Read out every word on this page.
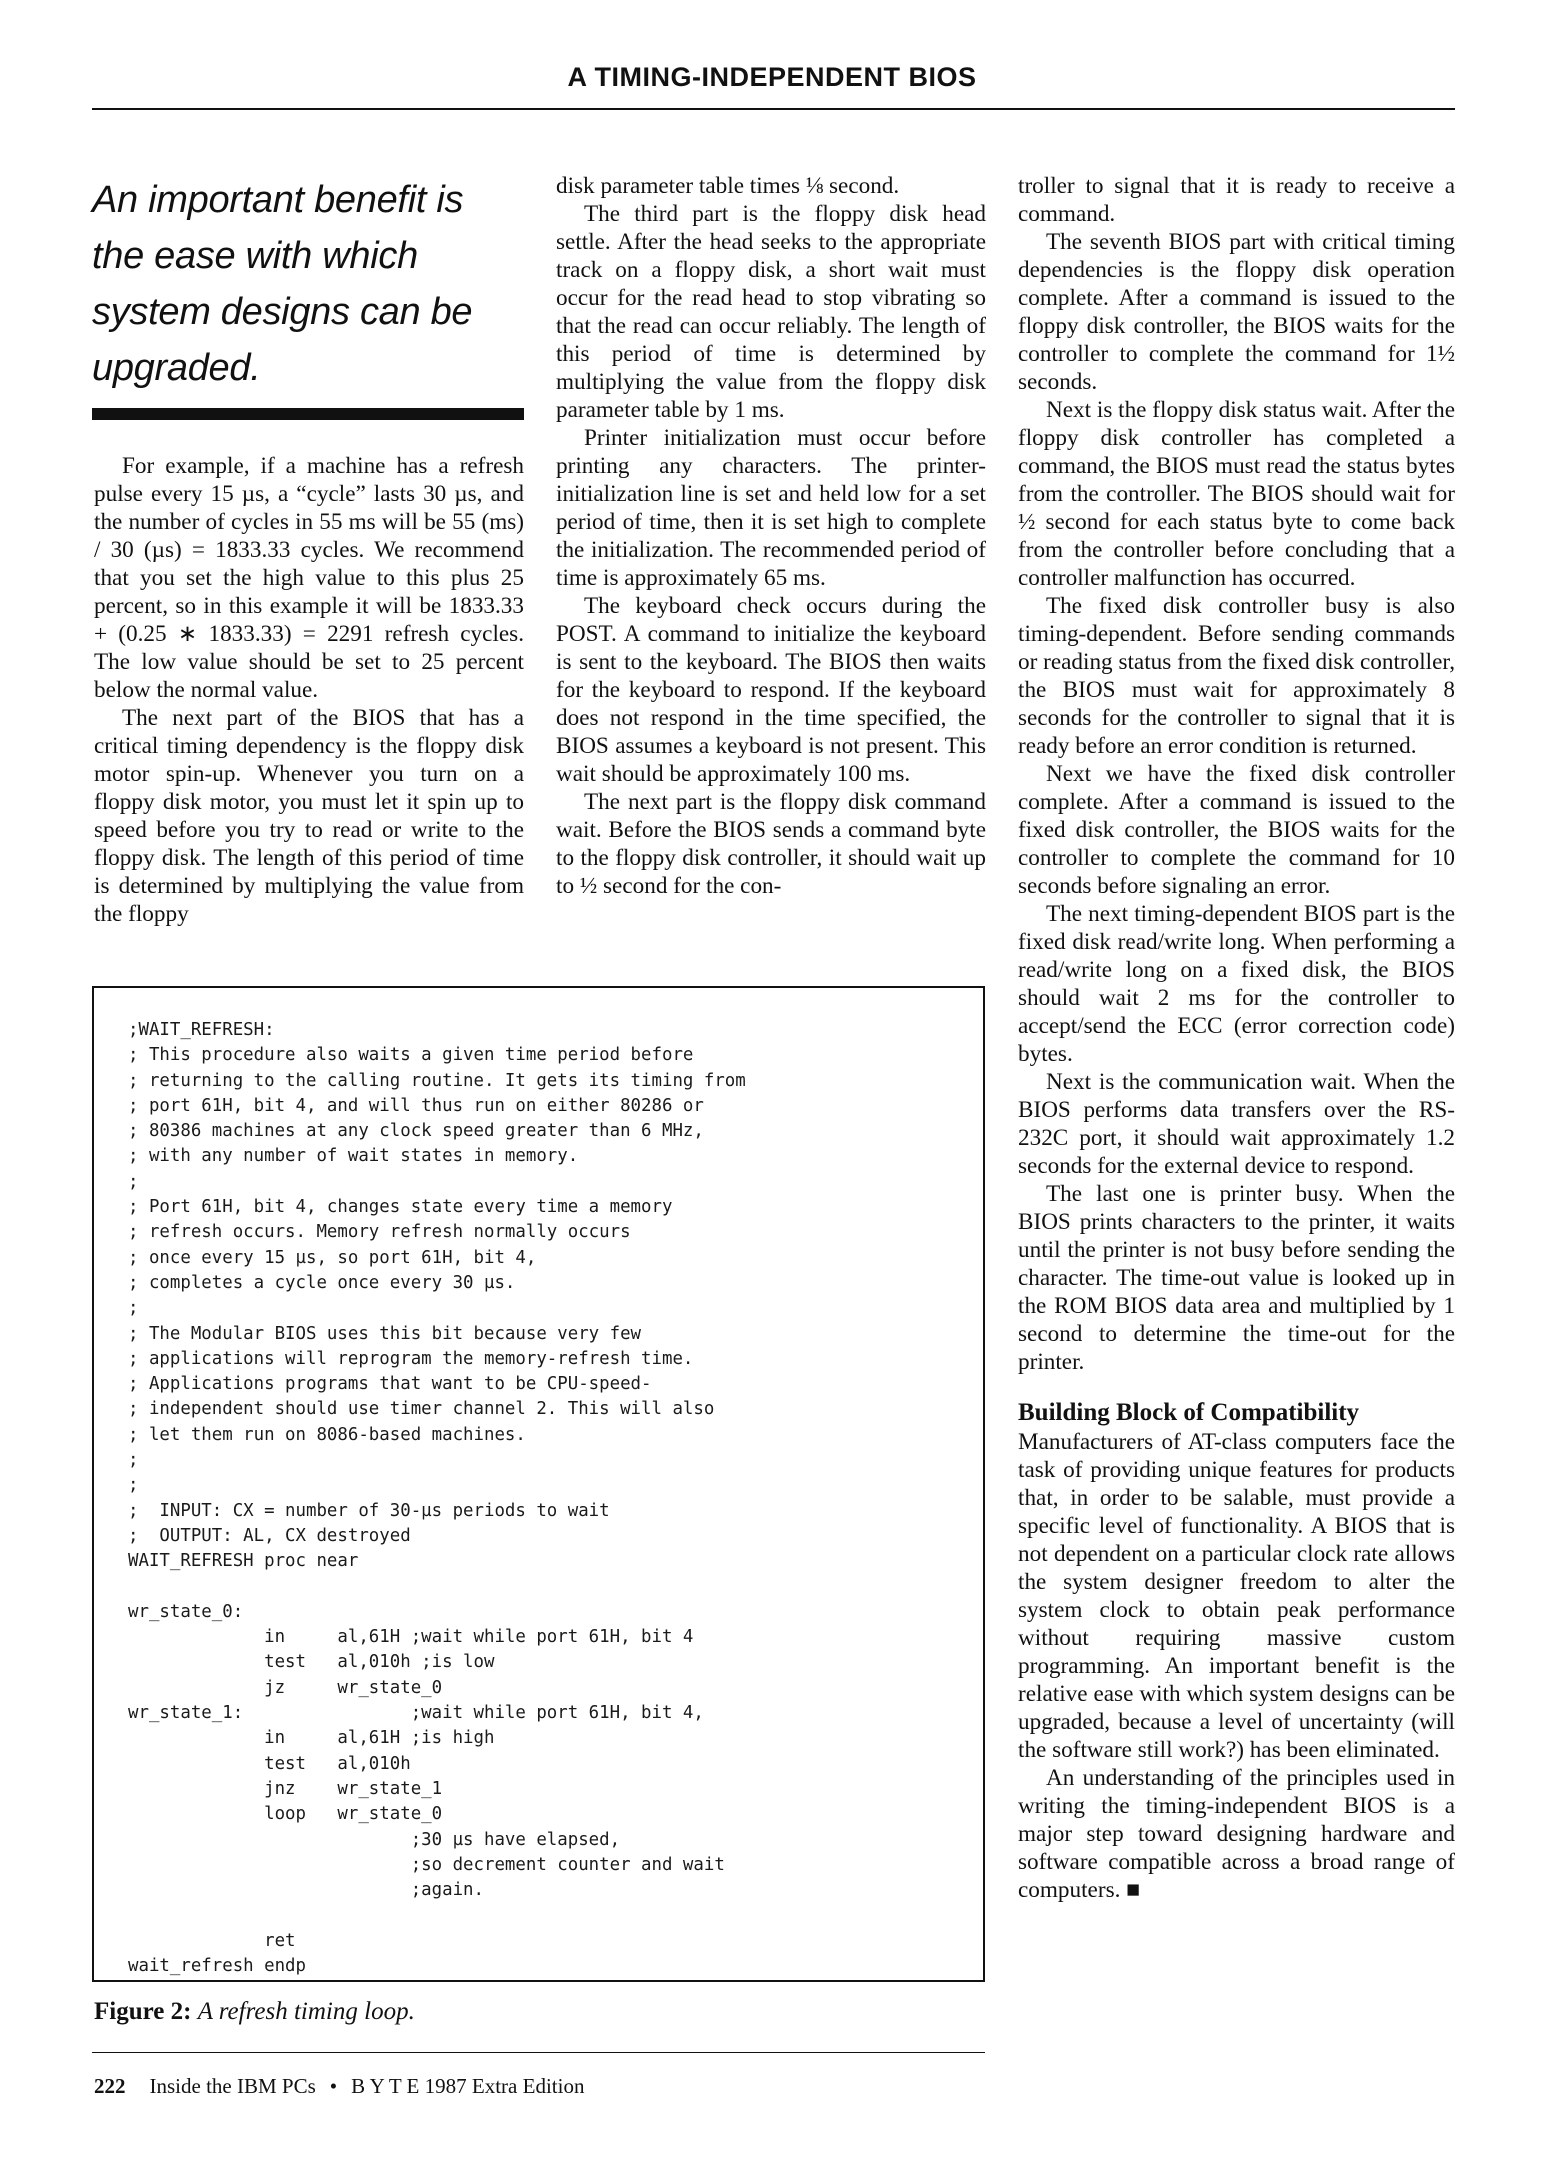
A TIMING-INDEPENDENT BIOS
An important benefit is the ease with which system designs can be upgraded.

For example, if a machine has a refresh pulse every 15 µs, a “cycle” lasts 30 µs, and the number of cycles in 55 ms will be 55 (ms) / 30 (µs) = 1833.33 cycles. We recommend that you set the high value to this plus 25 percent, so in this example it will be 1833.33 + (0.25 ∗ 1833.33) = 2291 refresh cycles. The low value should be set to 25 percent below the normal value.

The next part of the BIOS that has a critical timing dependency is the floppy disk motor spin-up. Whenever you turn on a floppy disk motor, you must let it spin up to speed before you try to read or write to the floppy disk. The length of this period of time is determined by multiplying the value from the floppy

disk parameter table times ⅛ second.

The third part is the floppy disk head settle. After the head seeks to the appropriate track on a floppy disk, a short wait must occur for the read head to stop vibrating so that the read can occur reliably. The length of this period of time is determined by multiplying the value from the floppy disk parameter table by 1 ms.

Printer initialization must occur before printing any characters. The printer-initialization line is set and held low for a set period of time, then it is set high to complete the initialization. The recommended period of time is approximately 65 ms.

The keyboard check occurs during the POST. A command to initialize the keyboard is sent to the keyboard. The BIOS then waits for the keyboard to respond. If the keyboard does not respond in the time specified, the BIOS assumes a keyboard is not present. This wait should be approximately 100 ms.

The next part is the floppy disk command wait. Before the BIOS sends a command byte to the floppy disk controller, it should wait up to ½ second for the con-

troller to signal that it is ready to receive a command.

The seventh BIOS part with critical timing dependencies is the floppy disk operation complete. After a command is issued to the floppy disk controller, the BIOS waits for the controller to complete the command for 1½ seconds.

Next is the floppy disk status wait. After the floppy disk controller has completed a command, the BIOS must read the status bytes from the controller. The BIOS should wait for ½ second for each status byte to come back from the controller before concluding that a controller malfunction has occurred.

The fixed disk controller busy is also timing-dependent. Before sending commands or reading status from the fixed disk controller, the BIOS must wait for approximately 8 seconds for the controller to signal that it is ready before an error condition is returned.

Next we have the fixed disk controller complete. After a command is issued to the fixed disk controller, the BIOS waits for the controller to complete the command for 10 seconds before signaling an error.

The next timing-dependent BIOS part is the fixed disk read/write long. When performing a read/write long on a fixed disk, the BIOS should wait 2 ms for the controller to accept/send the ECC (error correction code) bytes.

Next is the communication wait. When the BIOS performs data transfers over the RS-232C port, it should wait approximately 1.2 seconds for the external device to respond.

The last one is printer busy. When the BIOS prints characters to the printer, it waits until the printer is not busy before sending the character. The time-out value is looked up in the ROM BIOS data area and multiplied by 1 second to determine the time-out for the printer.

Building Block of Compatibility

Manufacturers of AT-class computers face the task of providing unique features for products that, in order to be salable, must provide a specific level of functionality. A BIOS that is not dependent on a particular clock rate allows the system designer freedom to alter the system clock to obtain peak performance without requiring massive custom programming. An important benefit is the relative ease with which system designs can be upgraded, because a level of uncertainty (will the software still work?) has been eliminated.

An understanding of the principles used in writing the timing-independent BIOS is a major step toward designing hardware and software compatible across a broad range of computers. ■

;WAIT_REFRESH:
; This procedure also waits a given time period before
; returning to the calling routine. It gets its timing from
; port 61H, bit 4, and will thus run on either 80286 or
; 80386 machines at any clock speed greater than 6 MHz,
; with any number of wait states in memory.
;
; Port 61H, bit 4, changes state every time a memory
; refresh occurs. Memory refresh normally occurs
; once every 15 µs, so port 61H, bit 4,
; completes a cycle once every 30 µs.
;
; The Modular BIOS uses this bit because very few
; applications will reprogram the memory-refresh time.
; Applications programs that want to be CPU-speed-
; independent should use timer channel 2. This will also
; let them run on 8086-based machines.
;
;
;  INPUT: CX = number of 30-µs periods to wait
;  OUTPUT: AL, CX destroyed
WAIT_REFRESH proc near

wr_state_0:
in     al,61H ;wait while port 61H, bit 4
test   al,010h ;is low
jz     wr_state_0
wr_state_1:                ;wait while port 61H, bit 4,
in     al,61H ;is high
test   al,010h
jnz    wr_state_1
loop   wr_state_0
;30 µs have elapsed,
;so decrement counter and wait
;again.

ret
wait_refresh endp
Figure 2: A refresh timing loop.
222 Inside the IBM PCs • B Y T E 1987 Extra Edition
